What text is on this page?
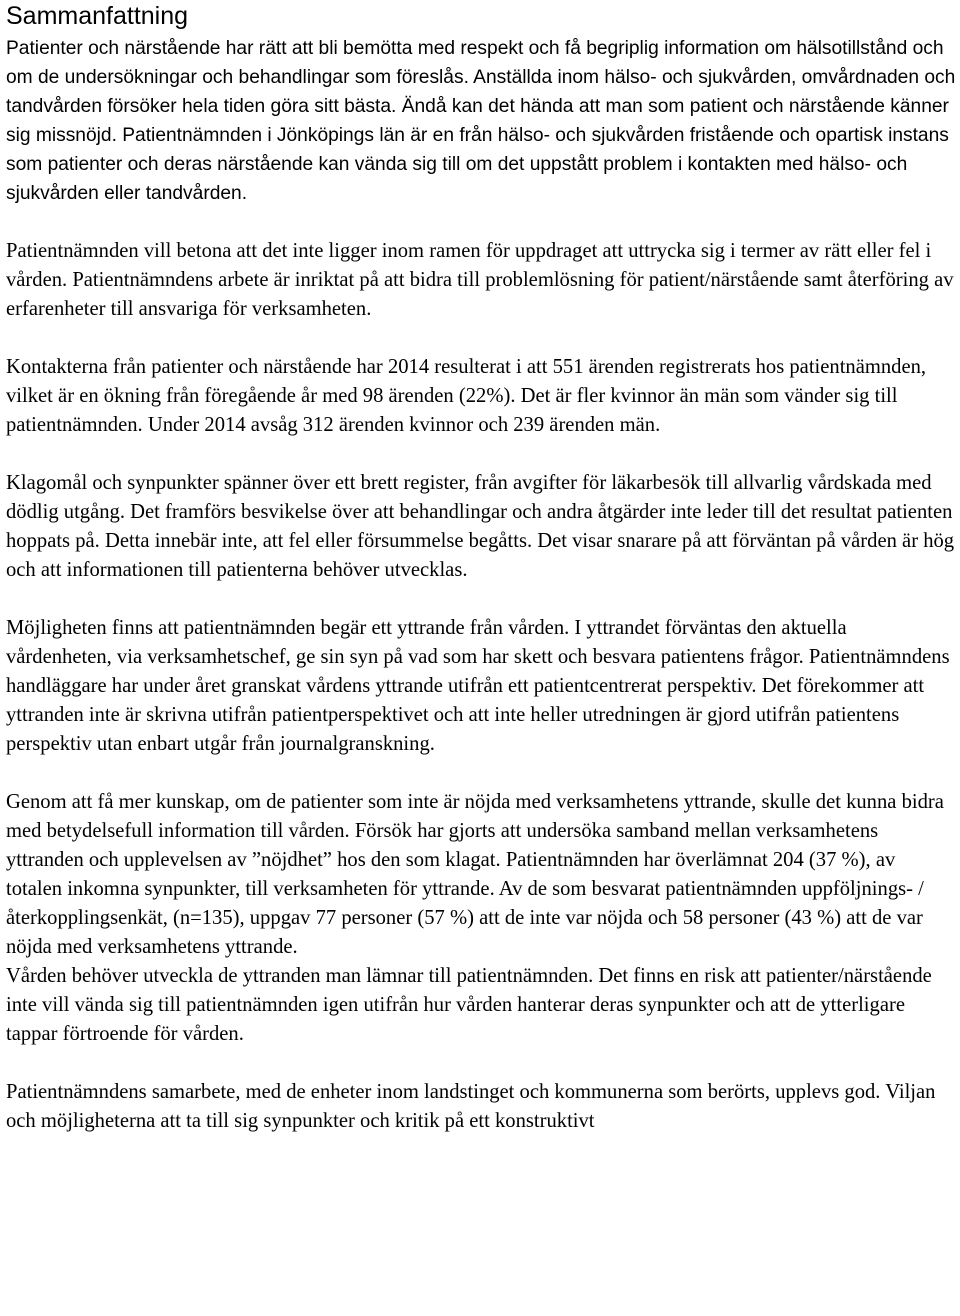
Sammanfattning

Patienter och närstående har rätt att bli bemötta med respekt och få begriplig information om hälsotillstånd och om de undersökningar och behandlingar som föreslås. Anställda inom hälso- och sjukvården, omvårdnaden och tandvården försöker hela tiden göra sitt bästa. Ändå kan det hända att man som patient och närstående känner sig missnöjd. Patientnämnden i Jönköpings län är en från hälso- och sjukvården fristående och opartisk instans som patienter och deras närstående kan vända sig till om det uppstått problem i kontakten med hälso- och sjukvården eller tandvården.

Patientnämnden vill betona att det inte ligger inom ramen för uppdraget att uttrycka sig i termer av rätt eller fel i vården. Patientnämndens arbete är inriktat på att bidra till problemlösning för patient/närstående samt återföring av erfarenheter till ansvariga för verksamheten.

Kontakterna från patienter och närstående har 2014 resulterat i att 551 ärenden registrerats hos patientnämnden, vilket är en ökning från föregående år med 98 ärenden (22%). Det är fler kvinnor än män som vänder sig till patientnämnden. Under 2014 avsåg 312 ärenden kvinnor och 239 ärenden män.

Klagomål och synpunkter spänner över ett brett register, från avgifter för läkarbesök till allvarlig vårdskada med dödlig utgång. Det framförs besvikelse över att behandlingar och andra åtgärder inte leder till det resultat patienten hoppats på. Detta innebär inte, att fel eller försummelse begåtts. Det visar snarare på att förväntan på vården är hög och att informationen till patienterna behöver utvecklas.

Möjligheten finns att patientnämnden begär ett yttrande från vården. I yttrandet förväntas den aktuella vårdenheten, via verksamhetschef, ge sin syn på vad som har skett och besvara patientens frågor. Patientnämndens handläggare har under året granskat vårdens yttrande utifrån ett patientcentrerat perspektiv. Det förekommer att yttranden inte är skrivna utifrån patientperspektivet och att inte heller utredningen är gjord utifrån patientens perspektiv utan enbart utgår från journalgranskning.

Genom att få mer kunskap, om de patienter som inte är nöjda med verksamhetens yttrande, skulle det kunna bidra med betydelsefull information till vården. Försök har gjorts att undersöka samband mellan verksamhetens yttranden och upplevelsen av ”nöjdhet” hos den som klagat. Patientnämnden har överlämnat 204 (37 %), av totalen inkomna synpunkter, till verksamheten för yttrande. Av de som besvarat patientnämnden uppföljnings- /återkopplingsenkät, (n=135), uppgav 77 personer (57 %) att de inte var nöjda och 58 personer (43 %) att de var nöjda med verksamhetens yttrande.

Vården behöver utveckla de yttranden man lämnar till patientnämnden. Det finns en risk att patienter/närstående inte vill vända sig till patientnämnden igen utifrån hur vården hanterar deras synpunkter och att de ytterligare tappar förtroende för vården.

Patientnämndens samarbete, med de enheter inom landstinget och kommunerna som berörts, upplevs god. Viljan och möjligheterna att ta till sig synpunkter och kritik på ett konstruktivt
